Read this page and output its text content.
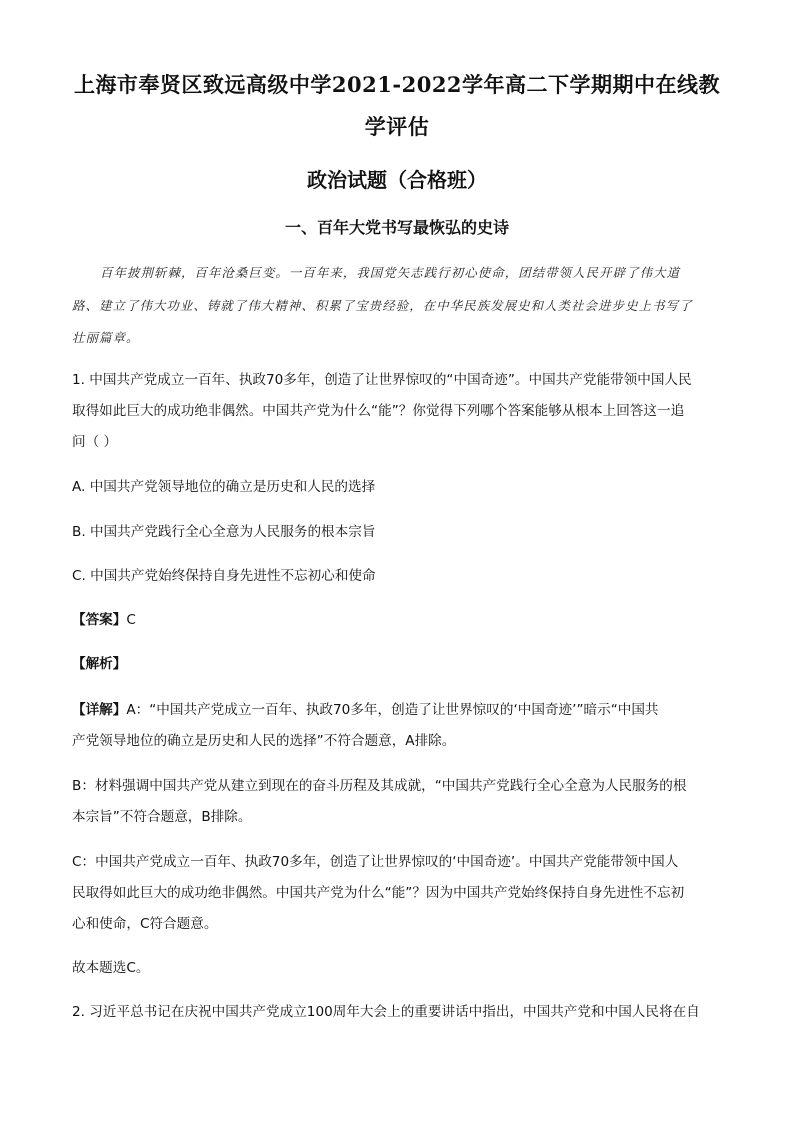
上海市奉贤区致远高级中学2021-2022学年高二下学期期中在线教
学评估
政治试题（合格班）
一、百年大党书写最恢弘的史诗
百年披荆斩棘，百年沧桑巨变。一百年来，我国党矢志践行初心使命，团结带领人民开辟了伟大道
路、建立了伟大功业、铸就了伟大精神、积累了宝贵经验，在中华民族发展史和人类社会进步史上书写了
壮丽篇章。
1. 中国共产党成立一百年、执政70多年，创造了让世界惊叹的“中国奇迹”。中国共产党能带领中国人民
取得如此巨大的成功绝非偶然。中国共产党为什么“能”？你觉得下列哪个答案能够从根本上回答这一追
问（ ）
A. 中国共产党领导地位的确立是历史和人民的选择
B. 中国共产党践行全心全意为人民服务的根本宗旨
C. 中国共产党始终保持自身先进性不忘初心和使命
【答案】C
【解析】
【详解】A：“中国共产党成立一百年、执政70多年，创造了让世界惊叹的‘中国奇迹’”暗示“中国共
产党领导地位的确立是历史和人民的选择”不符合题意，A排除。
B：材料强调中国共产党从建立到现在的奋斗历程及其成就，“中国共产党践行全心全意为人民服务的根
本宗旨”不符合题意，B排除。
C：中国共产党成立一百年、执政70多年，创造了让世界惊叹的‘中国奇迹’。中国共产党能带领中国人
民取得如此巨大的成功绝非偶然。中国共产党为什么“能”？因为中国共产党始终保持自身先进性不忘初
心和使命，C符合题意。
故本题选C。
2. 习近平总书记在庆祝中国共产党成立100周年大会上的重要讲话中指出，中国共产党和中国人民将在自
